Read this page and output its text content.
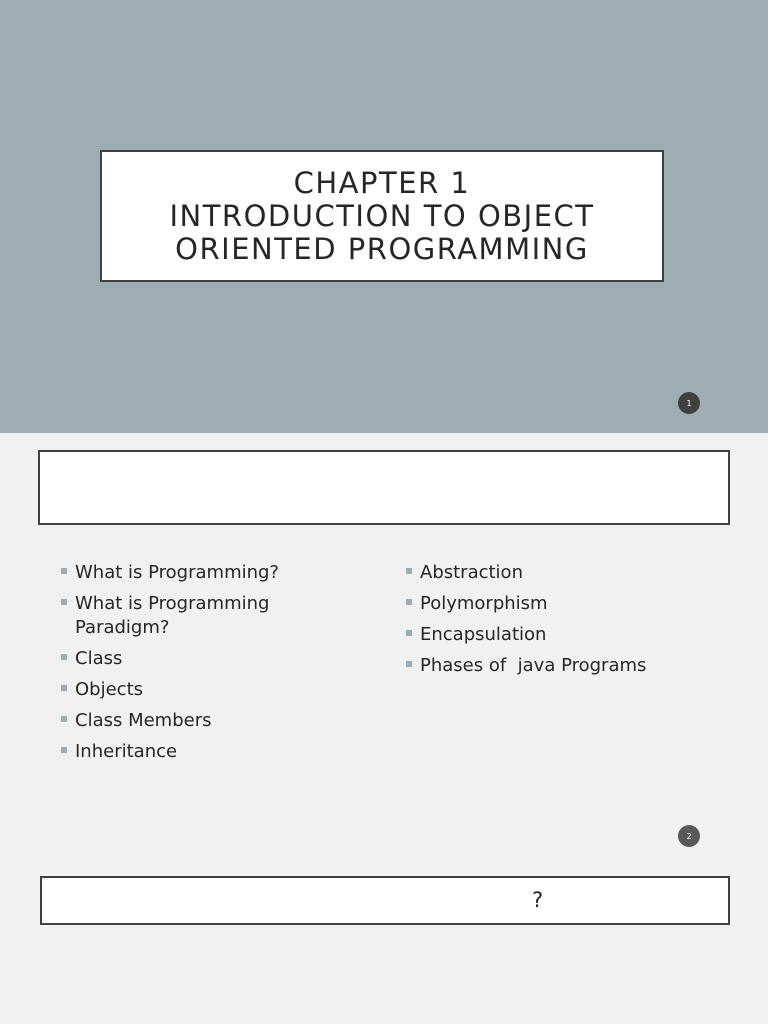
CHAPTER 1
INTRODUCTION TO OBJECT
ORIENTED PROGRAMMING
1
What is Programming?
What is Programming
Paradigm?
Class
Objects
Class Members
Inheritance
Abstraction
Polymorphism
Encapsulation
Phases of  java Programs
2
?
